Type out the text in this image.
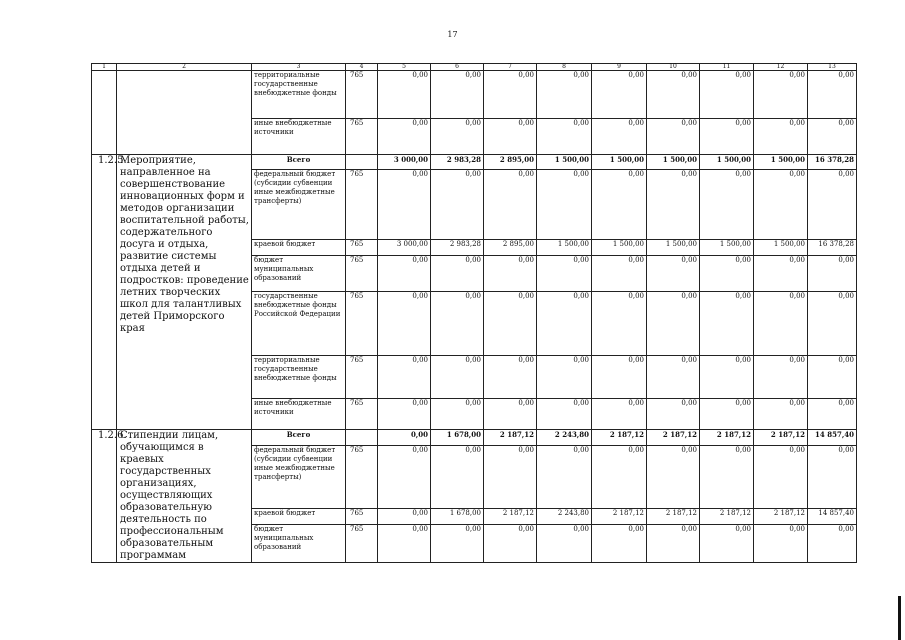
17
1	2	3	4	5	6	7	8	9	10	11	12	13
		территориальные государственные внебюджетные фонды	765	0,00	0,00	0,00	0,00	0,00	0,00	0,00	0,00	0,00
		иные внебюджетные источники	765	0,00	0,00	0,00	0,00	0,00	0,00	0,00	0,00	0,00
1.2.5.	Мероприятие, направленное на совершенствование инновационных форм и методов организации воспитательной работы, содержательного досуга и отдыха, развитие системы отдыха детей и подростков: проведение летних творческих школ для талантливых детей Приморского края	Всего		3 000,00	2 983,28	2 895,00	1 500,00	1 500,00	1 500,00	1 500,00	1 500,00	16 378,28
		федеральный бюджет (субсидии субвенции иные межбюджетные трансферты)	765	0,00	0,00	0,00	0,00	0,00	0,00	0,00	0,00	0,00
		краевой бюджет	765	3 000,00	2 983,28	2 895,00	1 500,00	1 500,00	1 500,00	1 500,00	1 500,00	16 378,28
		бюджет муниципальных образований	765	0,00	0,00	0,00	0,00	0,00	0,00	0,00	0,00	0,00
		государственные внебюджетные фонды Российской Федерации	765	0,00	0,00	0,00	0,00	0,00	0,00	0,00	0,00	0,00
		территориальные государственные внебюджетные фонды	765	0,00	0,00	0,00	0,00	0,00	0,00	0,00	0,00	0,00
		иные внебюджетные источники	765	0,00	0,00	0,00	0,00	0,00	0,00	0,00	0,00	0,00
1.2.6.	Стипендии лицам, обучающимся в краевых государственных организациях, осуществляющих образовательную деятельность по профессиональным образовательным программам	Всего		0,00	1 678,00	2 187,12	2 243,80	2 187,12	2 187,12	2 187,12	2 187,12	14 857,40
		федеральный бюджет (субсидии субвенции иные межбюджетные трансферты)	765	0,00	0,00	0,00	0,00	0,00	0,00	0,00	0,00	0,00
		краевой бюджет	765	0,00	1 678,00	2 187,12	2 243,80	2 187,12	2 187,12	2 187,12	2 187,12	14 857,40
		бюджет муниципальных образований	765	0,00	0,00	0,00	0,00	0,00	0,00	0,00	0,00	0,00
